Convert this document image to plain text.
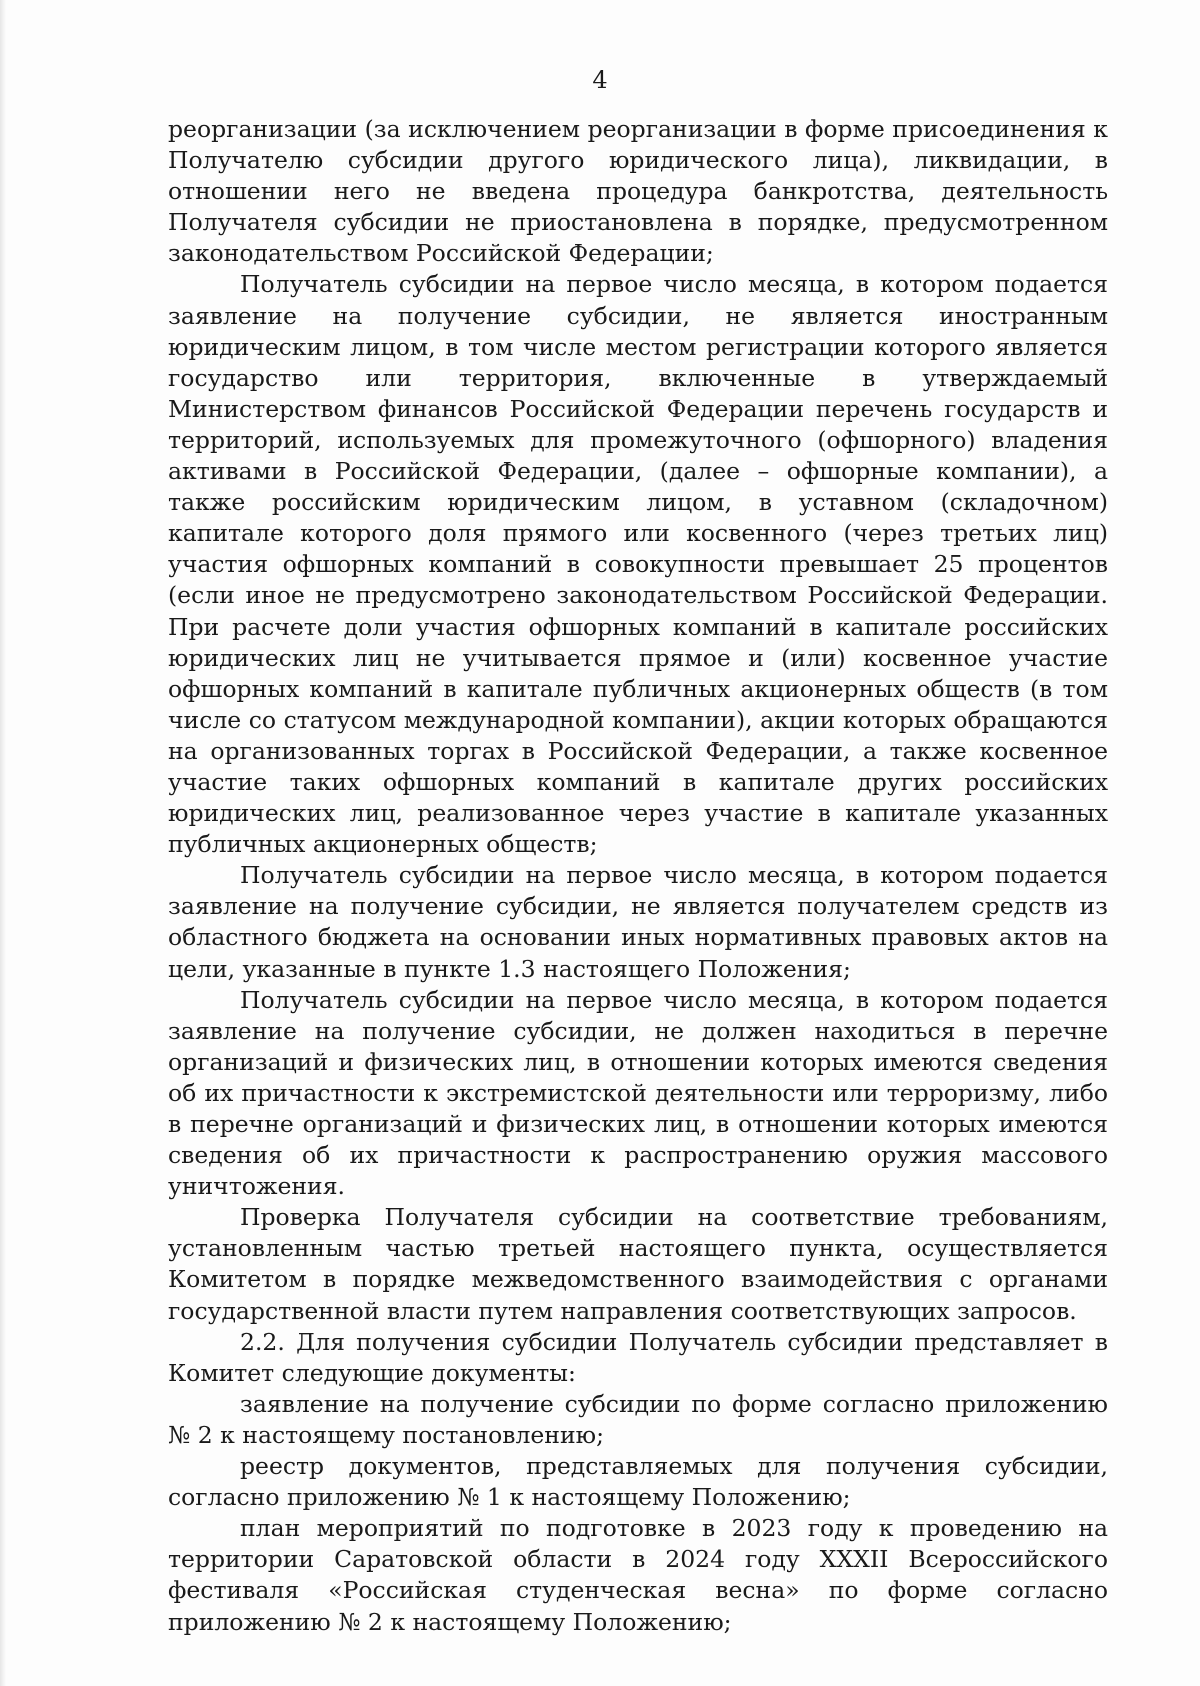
4

реорганизации (за исключением реорганизации в форме присоединения к Получателю субсидии другого юридического лица), ликвидации, в отношении него не введена процедура банкротства, деятельность Получателя субсидии не приостановлена в порядке, предусмотренном законодательством Российской Федерации;

Получатель субсидии на первое число месяца, в котором подается заявление на получение субсидии, не является иностранным юридическим лицом, в том числе местом регистрации которого является государство или территория, включенные в утверждаемый Министерством финансов Российской Федерации перечень государств и территорий, используемых для промежуточного (офшорного) владения активами в Российской Федерации, (далее – офшорные компании), а также российским юридическим лицом, в уставном (складочном) капитале которого доля прямого или косвенного (через третьих лиц) участия офшорных компаний в совокупности превышает 25 процентов (если иное не предусмотрено законодательством Российской Федерации. При расчете доли участия офшорных компаний в капитале российских юридических лиц не учитывается прямое и (или) косвенное участие офшорных компаний в капитале публичных акционерных обществ (в том числе со статусом международной компании), акции которых обращаются на организованных торгах в Российской Федерации, а также косвенное участие таких офшорных компаний в капитале других российских юридических лиц, реализованное через участие в капитале указанных публичных акционерных обществ;

Получатель субсидии на первое число месяца, в котором подается заявление на получение субсидии, не является получателем средств из областного бюджета на основании иных нормативных правовых актов на цели, указанные в пункте 1.3 настоящего Положения;

Получатель субсидии на первое число месяца, в котором подается заявление на получение субсидии, не должен находиться в перечне организаций и физических лиц, в отношении которых имеются сведения об их причастности к экстремистской деятельности или терроризму, либо в перечне организаций и физических лиц, в отношении которых имеются сведения об их причастности к распространению оружия массового уничтожения.

Проверка Получателя субсидии на соответствие требованиям, установленным частью третьей настоящего пункта, осуществляется Комитетом в порядке межведомственного взаимодействия с органами государственной власти путем направления соответствующих запросов.

2.2. Для получения субсидии Получатель субсидии представляет в Комитет следующие документы:

заявление на получение субсидии по форме согласно приложению № 2 к настоящему постановлению;

реестр документов, представляемых для получения субсидии, согласно приложению № 1 к настоящему Положению;

план мероприятий по подготовке в 2023 году к проведению на территории Саратовской области в 2024 году XXXII Всероссийского фестиваля «Российская студенческая весна» по форме согласно приложению № 2 к настоящему Положению;
